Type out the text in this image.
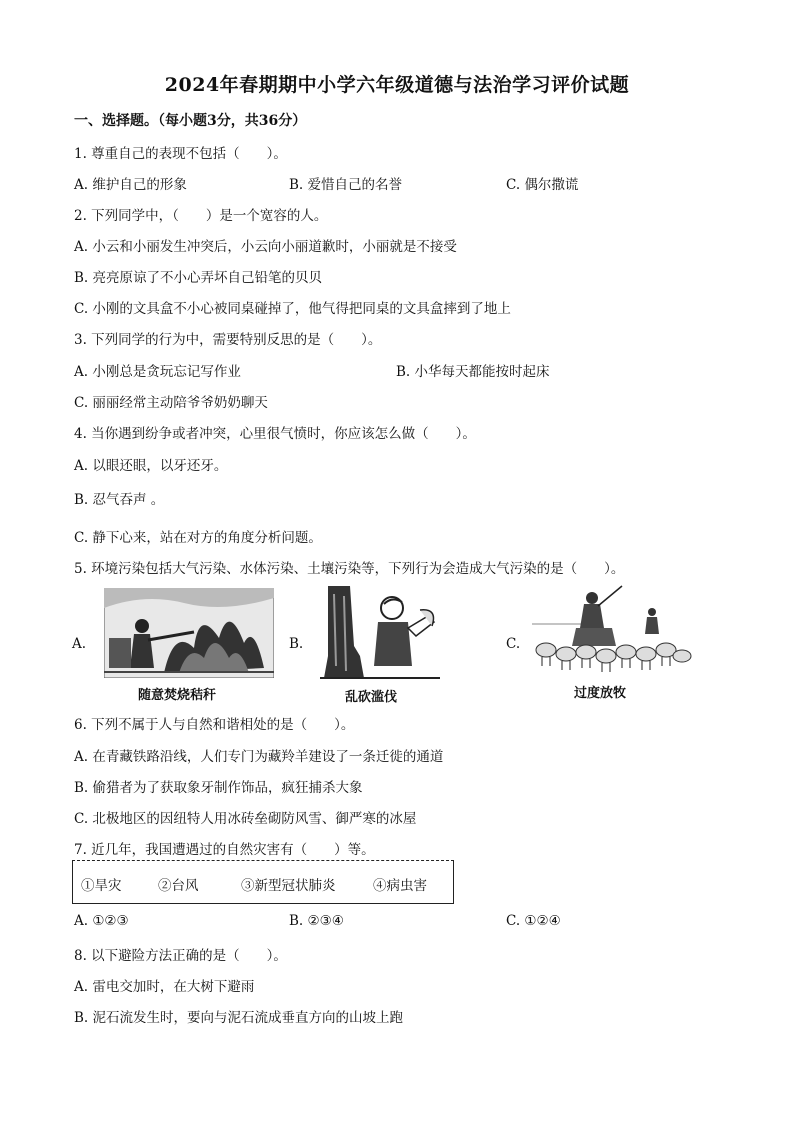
2024年春期期中小学六年级道德与法治学习评价试题
一、选择题。（每小题3分，共36分）
1. 尊重自己的表现不包括（　　）。
A. 维护自己的形象	B. 爱惜自己的名誉	C. 偶尔撒谎
2. 下列同学中，（　　）是一个宽容的人。
A. 小云和小丽发生冲突后，小云向小丽道歉时，小丽就是不接受
B. 亮亮原谅了不小心弄坏自己铅笔的贝贝
C. 小刚的文具盒不小心被同桌碰掉了，他气得把同桌的文具盒摔到了地上
3. 下列同学的行为中，需要特别反思的是（　　）。
A. 小刚总是贪玩忘记写作业	B. 小华每天都能按时起床
C. 丽丽经常主动陪爷爷奶奶聊天
4. 当你遇到纷争或者冲突，心里很气愤时，你应该怎么做（　　）。
A. 以眼还眼，以牙还牙。
B. 忍气吞声 。
C. 静下心来，站在对方的角度分析问题。
5. 环境污染包括大气污染、水体污染、土壤污染等，下列行为会造成大气污染的是（　　）。
A.
随意焚烧秸秆
B.
乱砍滥伐
C.
过度放牧
6. 下列不属于人与自然和谐相处的是（　　）。
A. 在青藏铁路沿线，人们专门为藏羚羊建设了一条迁徙的通道
B. 偷猎者为了获取象牙制作饰品，疯狂捕杀大象
C. 北极地区的因纽特人用冰砖垒砌防风雪、御严寒的冰屋
7. 近几年，我国遭遇过的自然灾害有（　　）等。
①旱灾	②台风	③新型冠状肺炎	④病虫害
A. ①②③	B. ②③④	C. ①②④
8. 以下避险方法正确的是（　　）。
A. 雷电交加时，在大树下避雨
B. 泥石流发生时，要向与泥石流成垂直方向的山坡上跑
